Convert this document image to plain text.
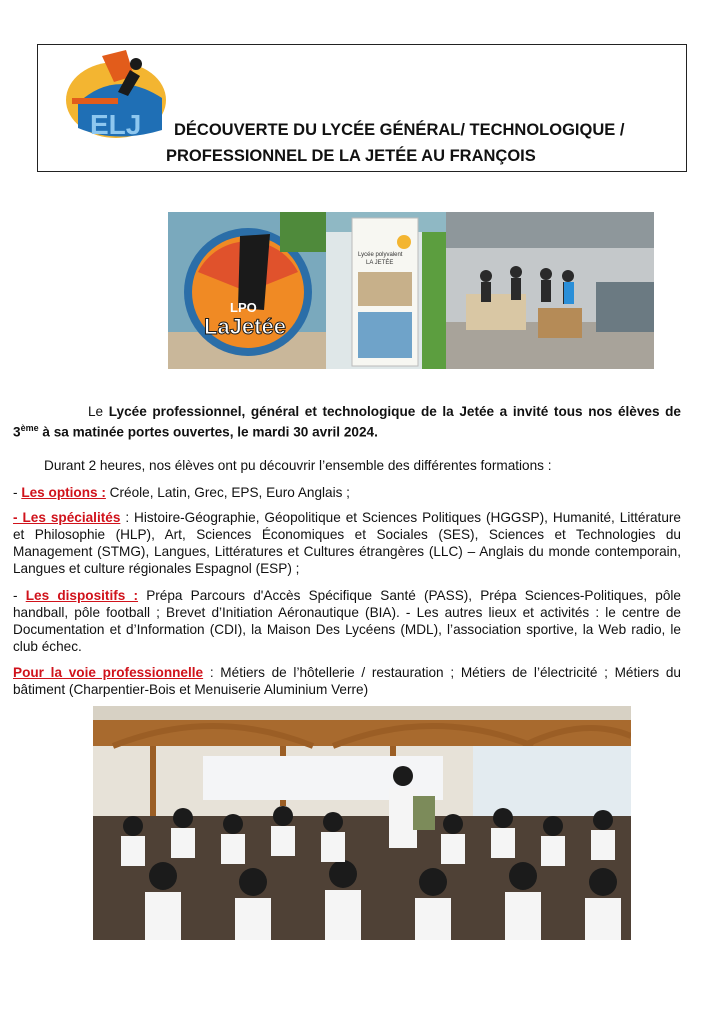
ELJ	DÉCOUVERTE DU LYCÉE GÉNÉRAL/ TECHNOLOGIQUE /
PROFESSIONNEL DE LA JETÉE AU FRANÇOIS
LPO
LaJetée
Lycée polyvalent
LA JETÉE
Le Lycée professionnel, général et technologique de la Jetée a invité tous nos élèves de 3ème à sa matinée portes ouvertes, le mardi 30 avril 2024.
Durant 2 heures, nos élèves ont pu découvrir l’ensemble des différentes formations :
- Les options : Créole, Latin, Grec, EPS, Euro Anglais ;
- Les spécialités : Histoire-Géographie, Géopolitique et Sciences Politiques (HGGSP), Humanité, Littérature et Philosophie (HLP), Art, Sciences Économiques et Sociales (SES), Sciences et Technologies du Management (STMG), Langues, Littératures et Cultures étrangères (LLC) – Anglais du monde contemporain, Langues et culture régionales Espagnol (ESP) ;
- Les dispositifs : Prépa Parcours d'Accès Spécifique Santé (PASS), Prépa Sciences-Politiques, pôle handball, pôle football ; Brevet d’Initiation Aéronautique (BIA). - Les autres lieux et activités : le centre de Documentation et d’Information (CDI), la Maison Des Lycéens (MDL), l’association sportive, la Web radio, le club échec.
Pour la voie professionnelle : Métiers de l’hôtellerie / restauration ; Métiers de l’électricité ; Métiers du bâtiment (Charpentier-Bois et Menuiserie Aluminium Verre)
